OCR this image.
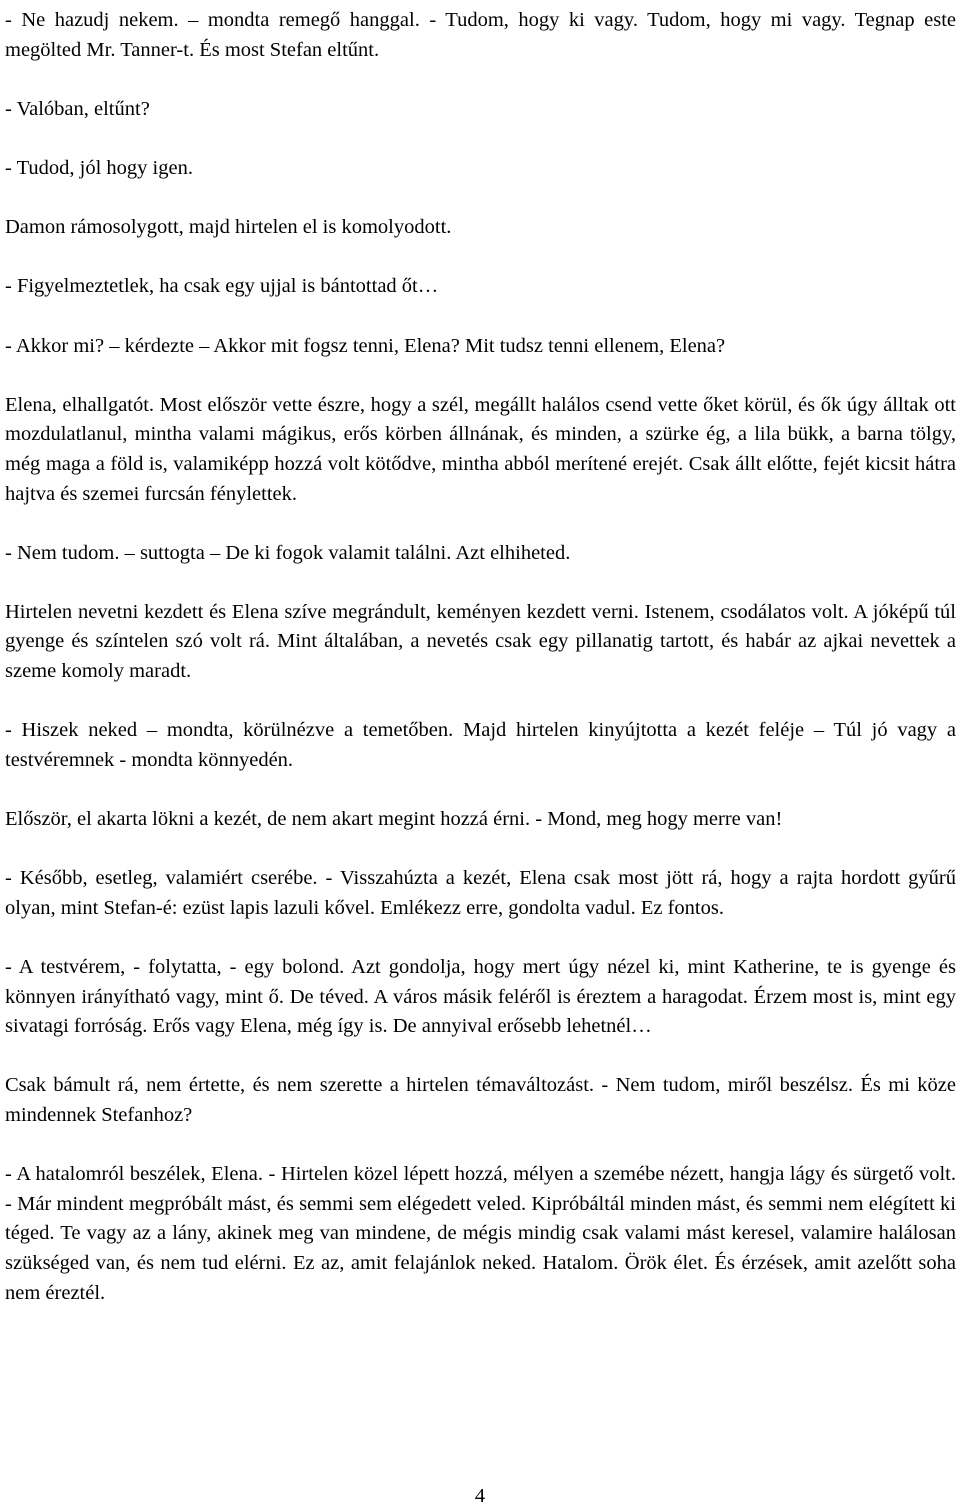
- Ne hazudj nekem. – mondta remegő hanggal. - Tudom, hogy ki vagy. Tudom, hogy mi vagy. Tegnap este megölted Mr. Tanner-t. És most Stefan eltűnt.

- Valóban, eltűnt?

- Tudod, jól hogy igen.

Damon rámosolygott, majd hirtelen el is komolyodott.

- Figyelmeztetlek, ha csak egy ujjal is bántottad őt…

- Akkor mi? – kérdezte – Akkor mit fogsz tenni, Elena? Mit tudsz tenni ellenem, Elena?

Elena, elhallgatót. Most először vette észre, hogy a szél, megállt halálos csend vette őket körül, és ők úgy álltak ott mozdulatlanul, mintha valami mágikus, erős körben állnának, és minden, a szürke ég, a lila bükk, a barna tölgy, még maga a föld is, valamiképp hozzá volt kötődve, mintha abból merítené erejét. Csak állt előtte, fejét kicsit hátra hajtva és szemei furcsán fénylettek.

- Nem tudom. – suttogta – De ki fogok valamit találni. Azt elhiheted.

Hirtelen nevetni kezdett és Elena szíve megrándult, keményen kezdett verni. Istenem, csodálatos volt. A jóképű túl gyenge és színtelen szó volt rá. Mint általában, a nevetés csak egy pillanatig tartott, és habár az ajkai nevettek a szeme komoly maradt.

- Hiszek neked – mondta, körülnézve a temetőben. Majd hirtelen kinyújtotta a kezét feléje – Túl jó vagy a testvéremnek - mondta könnyedén.

Először, el akarta lökni a kezét, de nem akart megint hozzá érni. - Mond, meg hogy merre van!

- Később, esetleg, valamiért cserébe. - Visszahúzta a kezét, Elena csak most jött rá, hogy a rajta hordott gyűrű olyan, mint Stefan-é: ezüst lapis lazuli kővel. Emlékezz erre, gondolta vadul. Ez fontos.

- A testvérem, - folytatta, - egy bolond. Azt gondolja, hogy mert úgy nézel ki, mint Katherine, te is gyenge és könnyen irányítható vagy, mint ő. De téved. A város másik feléről is éreztem a haragodat. Érzem most is, mint egy sivatagi forróság. Erős vagy Elena, még így is. De annyival erősebb lehetnél…

Csak bámult rá, nem értette, és nem szerette a hirtelen témaváltozást. - Nem tudom, miről beszélsz. És mi köze mindennek Stefanhoz?

- A hatalomról beszélek, Elena. - Hirtelen közel lépett hozzá, mélyen a szemébe nézett, hangja lágy és sürgető volt. - Már mindent megpróbált mást, és semmi sem elégedett veled. Kipróbáltál minden mást, és semmi nem elégített ki téged. Te vagy az a lány, akinek meg van mindene, de mégis mindig csak valami mást keresel, valamire halálosan szükséged van, és nem tud elérni. Ez az, amit felajánlok neked. Hatalom. Örök élet. És érzések, amit azelőtt soha nem éreztél.

4
